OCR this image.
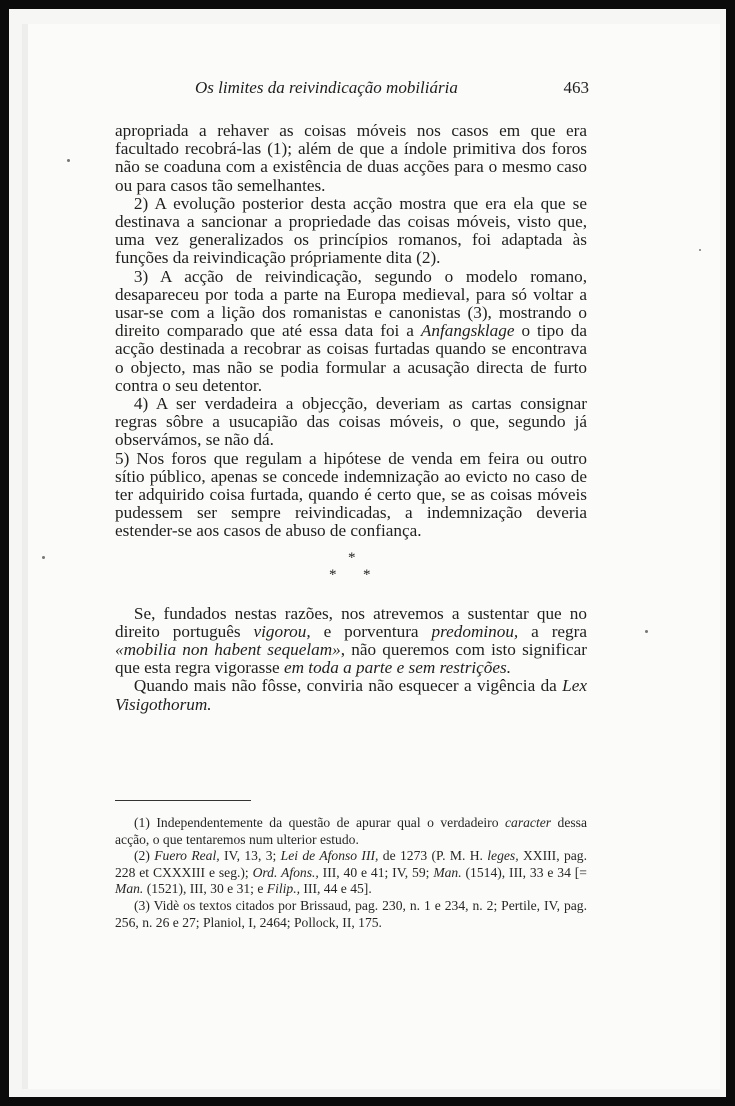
Os limites da reivindicação mobiliária	463

apropriada a rehaver as coisas móveis nos casos em que era facultado recobrá-las (1); além de que a índole primitiva dos foros não se coaduna com a existência de duas acções para o mesmo caso ou para casos tão semelhantes.

2) A evolução posterior desta acção mostra que era ela que se destinava a sancionar a propriedade das coisas móveis, visto que, uma vez generalizados os princípios romanos, foi adaptada às funções da reivindicação própriamente dita (2).

3) A acção de reivindicação, segundo o modelo romano, desapareceu por toda a parte na Europa medieval, para só voltar a usar-se com a lição dos romanistas e canonistas (3), mostrando o direito comparado que até essa data foi a Anfangsklage o tipo da acção destinada a recobrar as coisas furtadas quando se encontrava o objecto, mas não se podia formular a acusação directa de furto contra o seu detentor.

4) A ser verdadeira a objecção, deveriam as cartas consignar regras sôbre a usucapião das coisas móveis, o que, segundo já observámos, se não dá.

5) Nos foros que regulam a hipótese de venda em feira ou outro sítio público, apenas se concede indemnização ao evicto no caso de ter adquirido coisa furtada, quando é certo que, se as coisas móveis pudessem ser sempre reivindicadas, a indemnização deveria estender-se aos casos de abuso de confiança.

*
* *

Se, fundados nestas razões, nos atrevemos a sustentar que no direito português vigorou, e porventura predominou, a regra «mobilia non habent sequelam», não queremos com isto significar que esta regra vigorasse em toda a parte e sem restrições.

Quando mais não fôsse, conviria não esquecer a vigência da Lex Visigothorum.

(1) Independentemente da questão de apurar qual o verdadeiro caracter dessa acção, o que tentaremos num ulterior estudo.

(2) Fuero Real, IV, 13, 3; Lei de Afonso III, de 1273 (P. M. H. leges, XXIII, pag. 228 et CXXXIII e seg.); Ord. Afons., III, 40 e 41; IV, 59; Man. (1514), III, 33 e 34 [= Man. (1521), III, 30 e 31; e Filip., III, 44 e 45].

(3) Vidè os textos citados por Brissaud, pag. 230, n. 1 e 234, n. 2; Pertile, IV, pag. 256, n. 26 e 27; Planiol, I, 2464; Pollock, II, 175.
